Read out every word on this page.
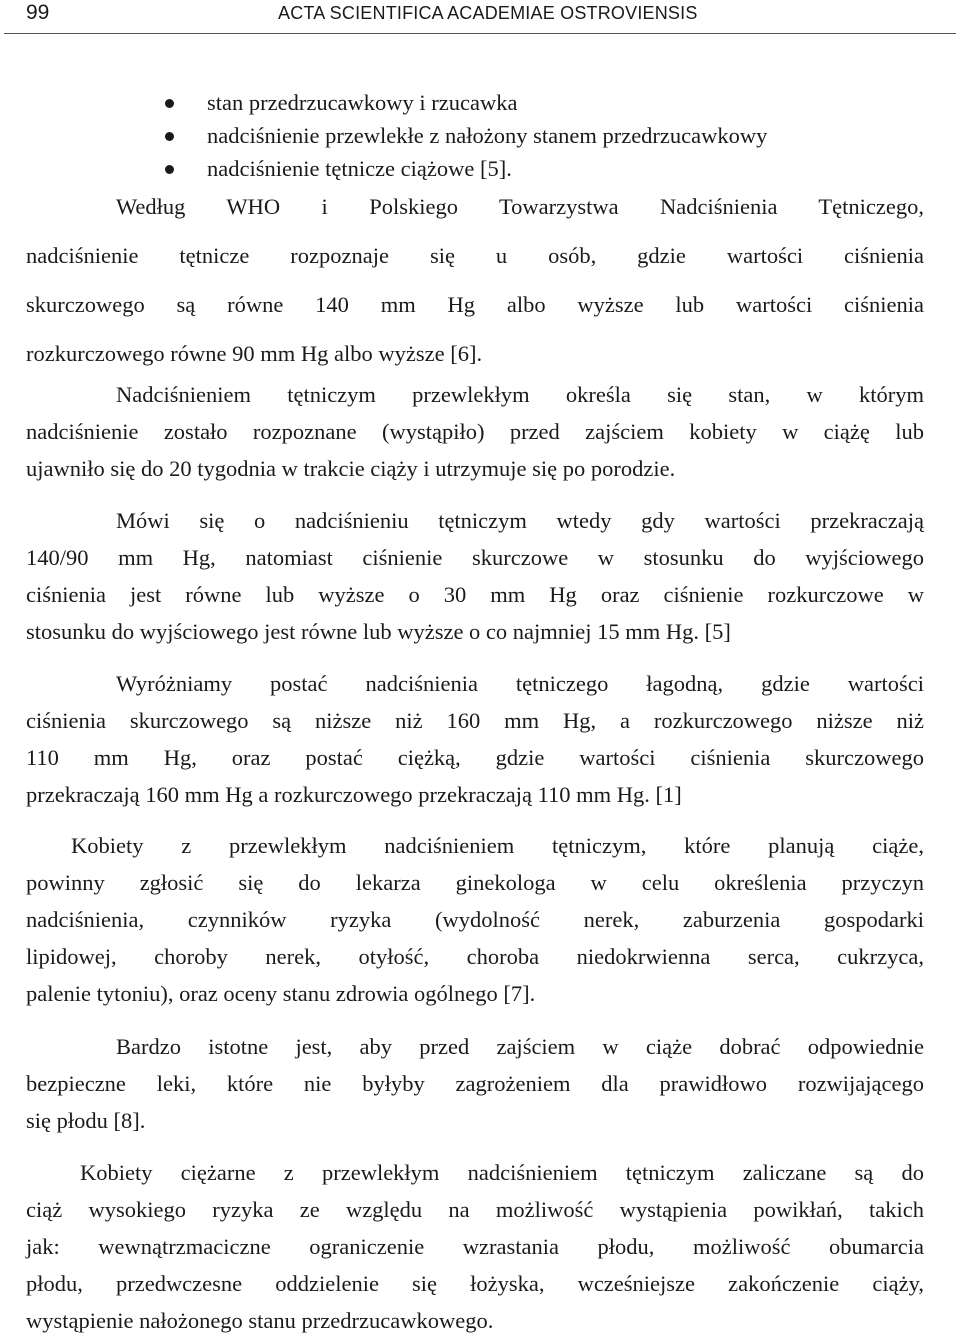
99	ACTA SCIENTIFICA ACADEMIAE OSTROVIENSIS
stan przedrzucawkowy i rzucawka
nadciśnienie przewlekłe z nałożony stanem przedrzucawkowy
nadciśnienie tętnicze ciążowe [5].

Według WHO i Polskiego Towarzystwa Nadciśnienia Tętniczego,
nadciśnienie tętnicze rozpoznaje się u osób, gdzie wartości ciśnienia
skurczowego są równe 140 mm Hg albo wyższe lub wartości ciśnienia
rozkurczowego równe 90 mm Hg albo wyższe [6].

Nadciśnieniem tętniczym przewlekłym określa się stan, w którym
nadciśnienie zostało rozpoznane (wystąpiło) przed zajściem kobiety w ciążę lub
ujawniło się do 20 tygodnia w trakcie ciąży i utrzymuje się po porodzie.

Mówi się o nadciśnieniu tętniczym wtedy gdy wartości przekraczają
140/90 mm Hg, natomiast ciśnienie skurczowe w stosunku do wyjściowego
ciśnienia jest równe lub wyższe o 30 mm Hg oraz ciśnienie rozkurczowe w
stosunku do wyjściowego jest równe lub wyższe o co najmniej 15 mm Hg. [5]

Wyróżniamy postać nadciśnienia tętniczego łagodną, gdzie wartości
ciśnienia skurczowego są niższe niż 160 mm Hg, a rozkurczowego niższe niż
110 mm Hg, oraz postać ciężką, gdzie wartości ciśnienia skurczowego
przekraczają 160 mm Hg a rozkurczowego przekraczają 110 mm Hg. [1]

Kobiety z przewlekłym nadciśnieniem tętniczym, które planują ciąże,
powinny zgłosić się do lekarza ginekologa w celu określenia przyczyn
nadciśnienia, czynników ryzyka (wydolność nerek, zaburzenia gospodarki
lipidowej, choroby nerek, otyłość, choroba niedokrwienna serca, cukrzyca,
palenie tytoniu), oraz oceny stanu zdrowia ogólnego [7].

Bardzo istotne jest, aby przed zajściem w ciąże dobrać odpowiednie
bezpieczne leki, które nie byłyby zagrożeniem dla prawidłowo rozwijającego
się płodu [8].

Kobiety ciężarne z przewlekłym nadciśnieniem tętniczym zaliczane są do
ciąż wysokiego ryzyka ze względu na możliwość wystąpienia powikłań, takich
jak: wewnątrzmaciczne ograniczenie wzrastania płodu, możliwość obumarcia
płodu, przedwczesne oddzielenie się łożyska, wcześniejsze zakończenie ciąży,
wystąpienie nałożonego stanu przedrzucawkowego.
